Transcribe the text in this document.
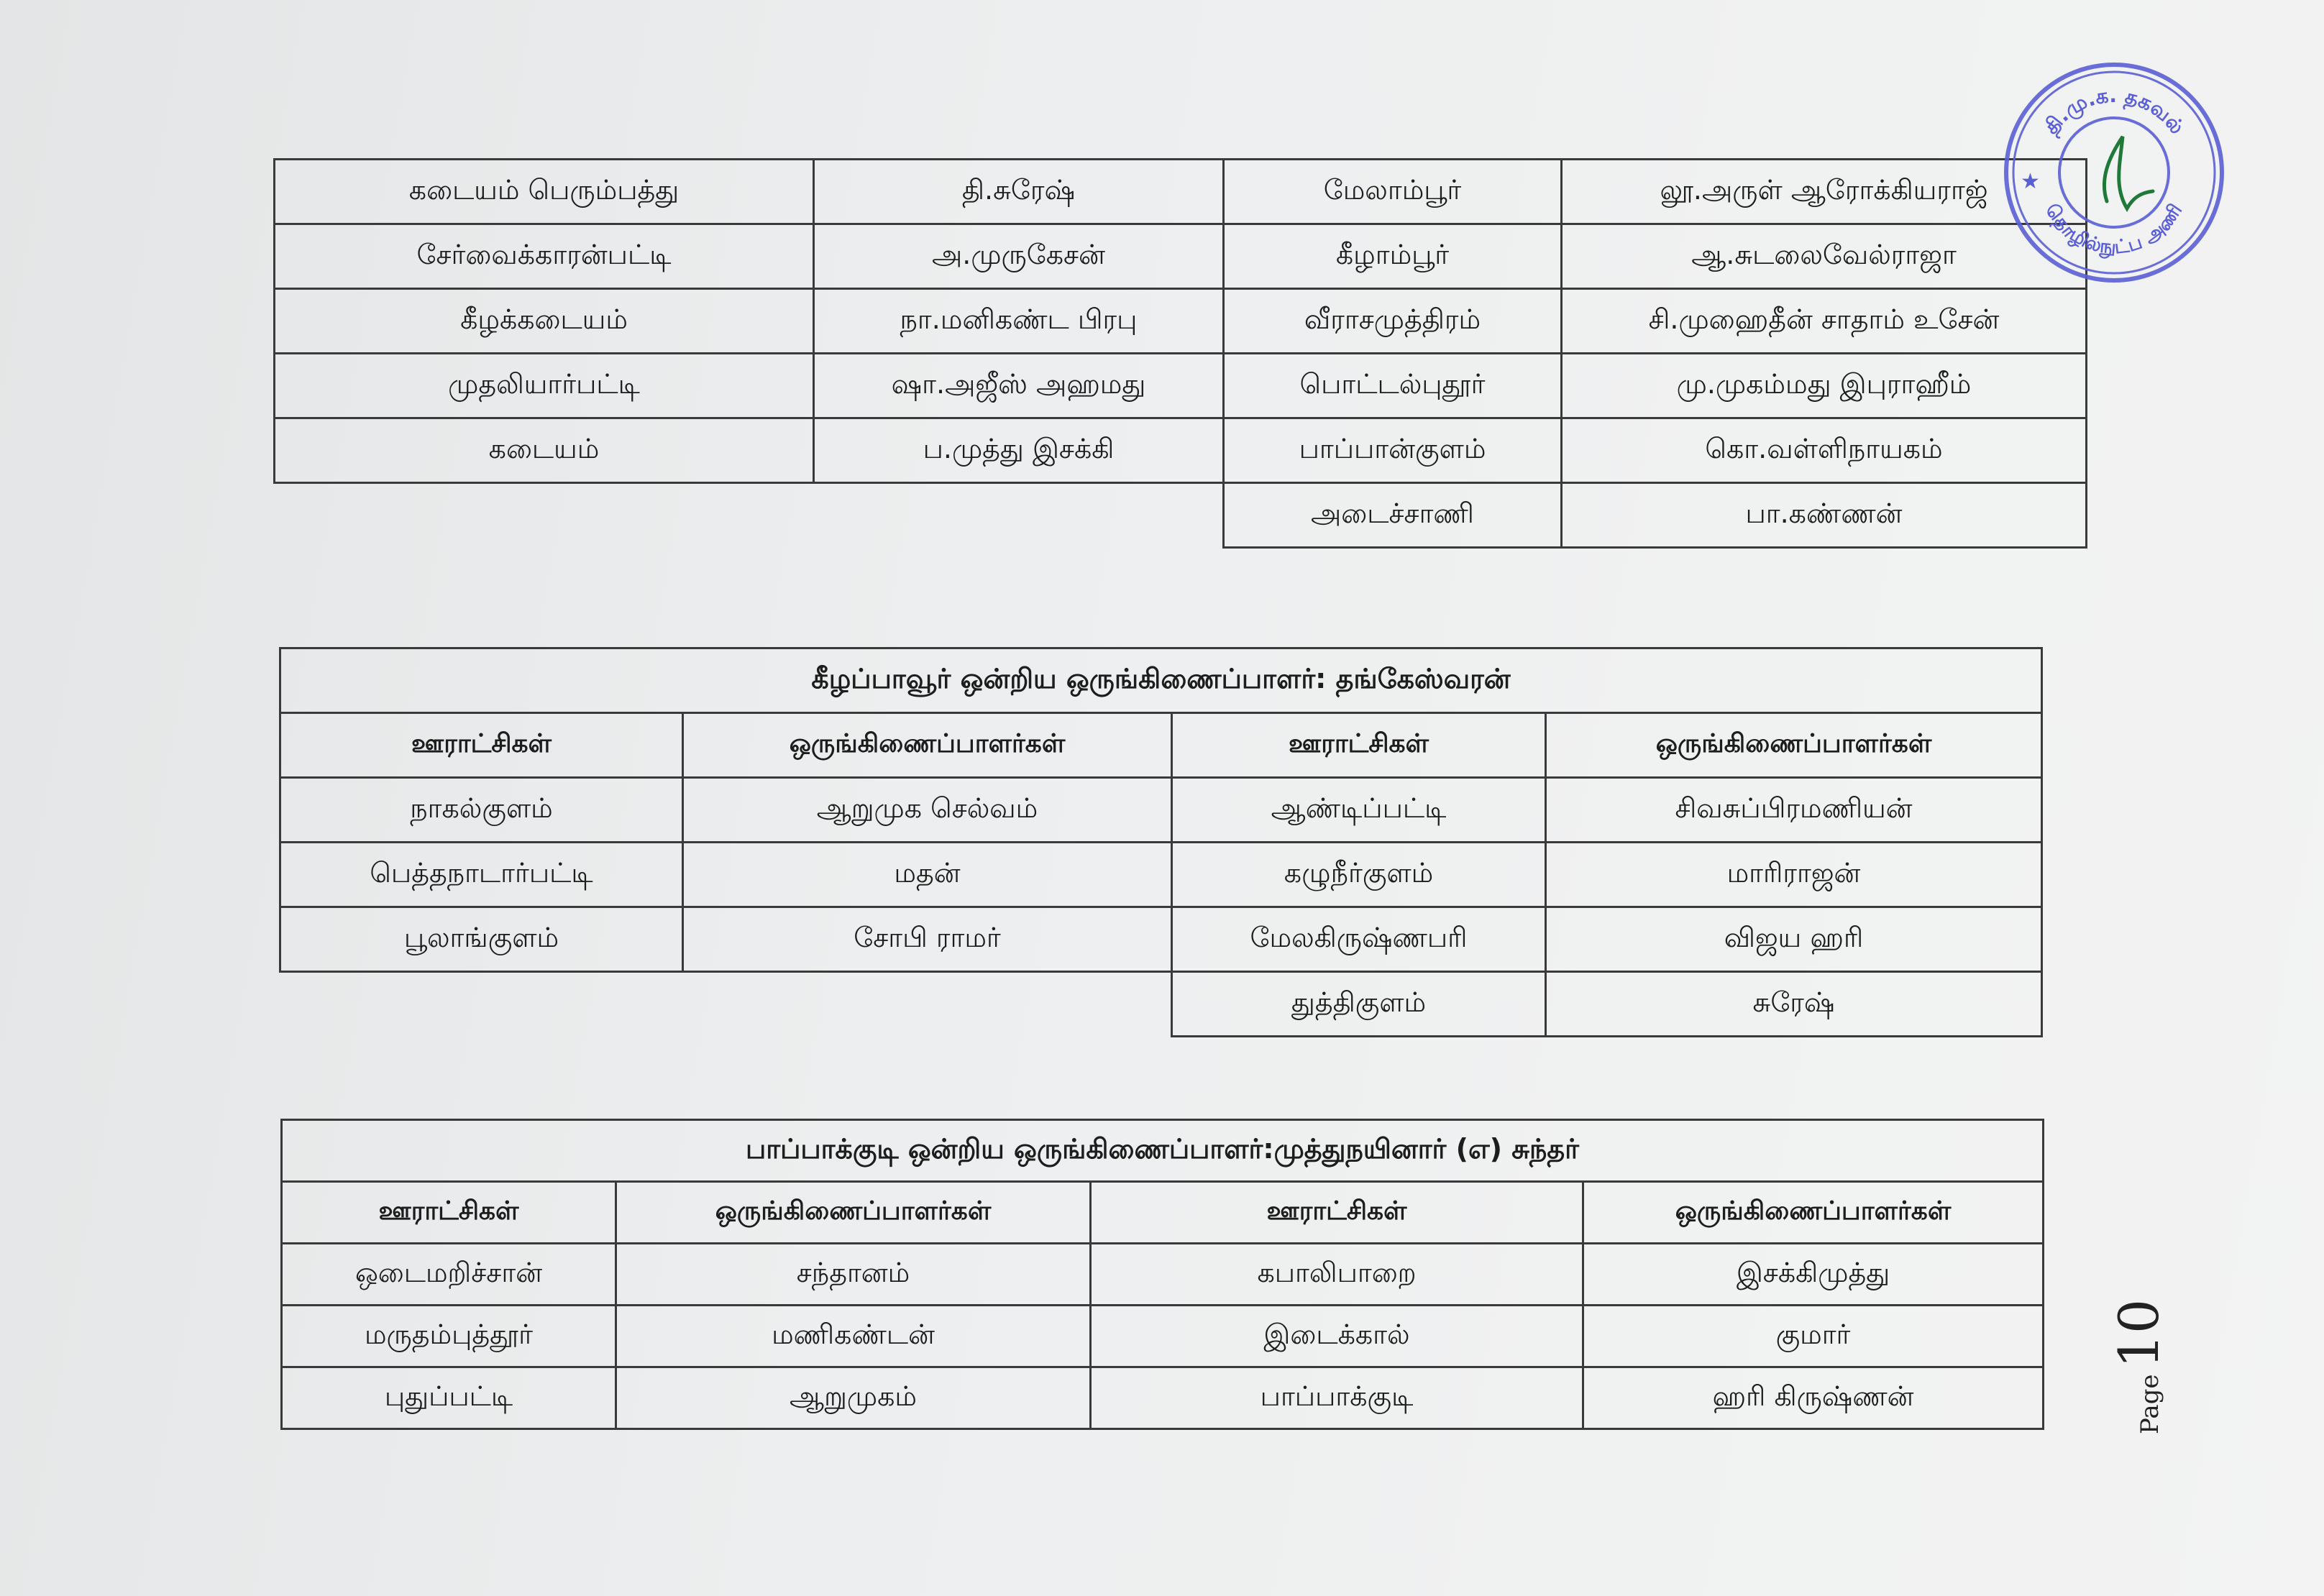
கடையம் பெரும்பத்து	தி.சுரேஷ்	மேலாம்பூர்	லூ.அருள் ஆரோக்கியராஜ்
சேர்வைக்காரன்பட்டி	அ.முருகேசன்	கீழாம்பூர்	ஆ.சுடலைவேல்ராஜா
கீழக்கடையம்	நா.மனிகண்ட பிரபு	வீராசமுத்திரம்	சி.முஹைதீன் சாதாம் உசேன்
முதலியார்பட்டி	ஷா.அஜீஸ் அஹமது	பொட்டல்புதூர்	மு.முகம்மது இபுராஹீம்
கடையம்	ப.முத்து இசக்கி	பாப்பான்குளம்	கொ.வள்ளிநாயகம்
		அடைச்சாணி	பா.கண்ணன்
கீழப்பாவூர் ஒன்றிய ஒருங்கிணைப்பாளர்: தங்கேஸ்வரன்			
ஊராட்சிகள்	ஒருங்கிணைப்பாளர்கள்	ஊராட்சிகள்	ஒருங்கிணைப்பாளர்கள்
நாகல்குளம்	ஆறுமுக செல்வம்	ஆண்டிப்பட்டி	சிவசுப்பிரமணியன்
பெத்தநாடார்பட்டி	மதன்	கழுநீர்குளம்	மாரிராஜன்
பூலாங்குளம்	சோபி ராமர்	மேலகிருஷ்ணபரி	விஜய ஹரி
		துத்திகுளம்	சுரேஷ்
பாப்பாக்குடி ஒன்றிய ஒருங்கிணைப்பாளர்:முத்துநயினார் (எ) சுந்தர்			
ஊராட்சிகள்	ஒருங்கிணைப்பாளர்கள்	ஊராட்சிகள்	ஒருங்கிணைப்பாளர்கள்
ஒடைமறிச்சான்	சந்தானம்	கபாலிபாறை	இசக்கிமுத்து
மருதம்புத்தூர்	மணிகண்டன்	இடைக்கால்	குமார்
புதுப்பட்டி	ஆறுமுகம்	பாப்பாக்குடி	ஹரி கிருஷ்ணன்
தி.மு.க. தகவல்
தொழில்நுட்ப அணி
★
Page10
